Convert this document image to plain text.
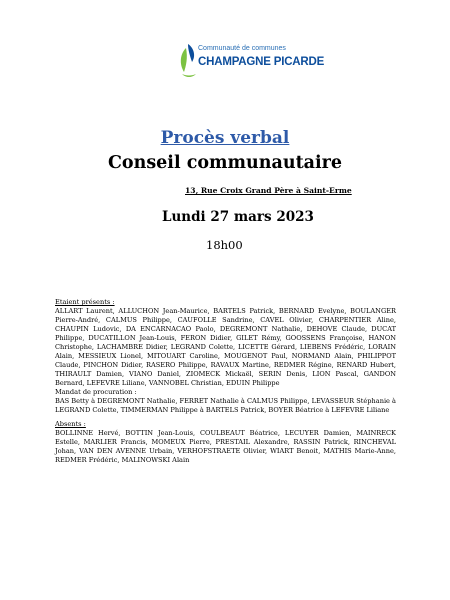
Communauté de communes
CHAMPAGNE PICARDE
Procès verbal
Conseil communautaire
13, Rue Croix Grand Père à Saint-Erme
Lundi 27 mars 2023
18h00

Etaient présents :

ALLART Laurent, ALLUCHON Jean-Maurice, BARTELS Patrick, BERNARD Evelyne, BOULANGER Pierre-André, CALMUS Philippe, CAUFOLLE Sandrine, CAVEL Olivier, CHARPENTIER Aline, CHAUPIN Ludovic, DA ENCARNACAO Paolo, DEGREMONT Nathalie, DEHOVE Claude, DUCAT Philippe, DUCATILLON Jean-Louis, FERON Didier, GILET Rémy, GOOSSENS Françoise, HANON Christophe, LACHAMBRE Didier, LEGRAND Colette, LICETTE Gérard, LIEBENS Frédéric, LORAIN Alain, MESSIEUX Lionel, MITOUART Caroline, MOUGENOT Paul, NORMAND Alain, PHILIPPOT Claude, PINCHON Didier, RASERO Philippe, RAVAUX Martine, REDMER Régine, RENARD Hubert, THIRAULT Damien, VIANO Daniel, ZIOMECK Mickaël, SERIN Denis, LION Pascal, GANDON Bernard, LEFEVRE Liliane, VANNOBEL Christian, EDUIN Philippe

Mandat de procuration :

BAS Betty à DEGREMONT Nathalie, FERRET Nathalie à CALMUS Philippe, LEVASSEUR Stéphanie à LEGRAND Colette, TIMMERMAN Philippe à BARTELS Patrick, BOYER Béatrice à LEFEVRE Liliane

Absents :

BOLLINNE Hervé, BOTTIN Jean-Louis, COULBEAUT Béatrice, LECUYER Damien, MAINRECK Estelle, MARLIER Francis, MOMEUX Pierre, PRESTAIL Alexandre, RASSIN Patrick, RINCHEVAL Johan, VAN DEN AVENNE Urbain, VERHOFSTRAETE Olivier, WIART Benoit, MATHIS Marie-Anne, REDMER Frédéric, MALINOWSKI Alain
